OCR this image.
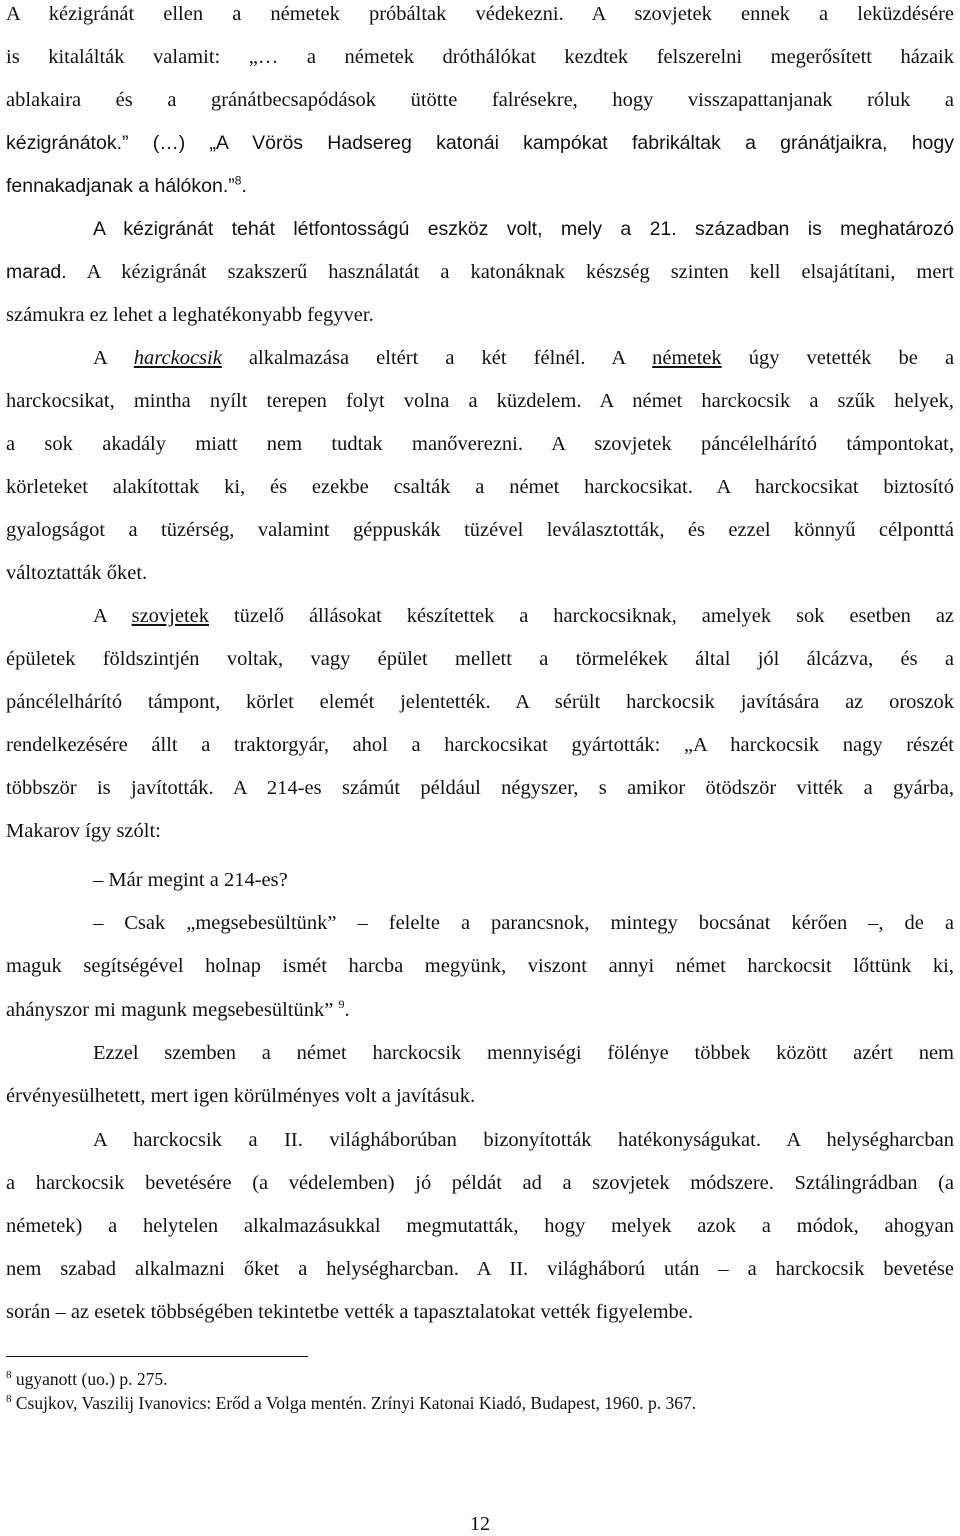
A kézigránát ellen a németek próbáltak védekezni. A szovjetek ennek a leküzdésére
is kitalálták valamit: „… a németek dróthálókat kezdtek felszerelni megerősített házaik
ablakaira és a gránátbecsapódások ütötte falrésekre, hogy visszapattanjanak róluk a
kézigránátok.” (…) „A Vörös Hadsereg katonái kampókat fabrikáltak a gránátjaikra, hogy
fennakadjanak a hálókon.”$^8$.
A kézigránát tehát létfontosságú eszköz volt, mely a 21. században is meghatározó
marad. A kézigránát szakszerű használatát a katonáknak készség szinten kell elsajátítani, mert
számukra ez lehet a leghatékonyabb fegyver.
A harckocsik alkalmazása eltért a két félnél. A németek úgy vetették be a
harckocsikat, mintha nyílt terepen folyt volna a küzdelem. A német harckocsik a szűk helyek,
a sok akadály miatt nem tudtak manőverezni. A szovjetek páncélelhárító támpontokat,
körleteket alakítottak ki, és ezekbe csalták a német harckocsikat. A harckocsikat biztosító
gyalogságot a tüzérség, valamint géppuskák tüzével leválasztották, és ezzel könnyű célponttá
változtatták őket.
A szovjetek tüzelő állásokat készítettek a harckocsiknak, amelyek sok esetben az
épületek földszintjén voltak, vagy épület mellett a törmelékek által jól álcázva, és a
páncélelhárító támpont, körlet elemét jelentették. A sérült harckocsik javítására az oroszok
rendelkezésére állt a traktorgyár, ahol a harckocsikat gyártották: „A harckocsik nagy részét
többször is javították. A 214-es számút például négyszer, s amikor ötödször vitték a gyárba,
Makarov így szólt:
– Már megint a 214-es?
– Csak „megsebesültünk” – felelte a parancsnok, mintegy bocsánat kérően –, de a
maguk segítségével holnap ismét harcba megyünk, viszont annyi német harckocsit lőttünk ki,
ahányszor mi magunk megsebesültünk” $^9$.
Ezzel szemben a német harckocsik mennyiségi fölénye többek között azért nem
érvényesülhetett, mert igen körülményes volt a javításuk.
A harckocsik a II. világháborúban bizonyították hatékonyságukat. A helységharcban
a harckocsik bevetésére (a védelemben) jó példát ad a szovjetek módszere. Sztálingrádban (a
németek) a helytelen alkalmazásukkal megmutatták, hogy melyek azok a módok, ahogyan
nem szabad alkalmazni őket a helységharcban. A II. világháború után – a harckocsik bevetése
során – az esetek többségében tekintetbe vették a tapasztalatokat vették figyelembe.
$^8$ ugyanott (uo.) p. 275.
$^8$ Csujkov, Vaszilij Ivanovics: Erőd a Volga mentén. Zrínyi Katonai Kiadó, Budapest, 1960. p. 367.
12
